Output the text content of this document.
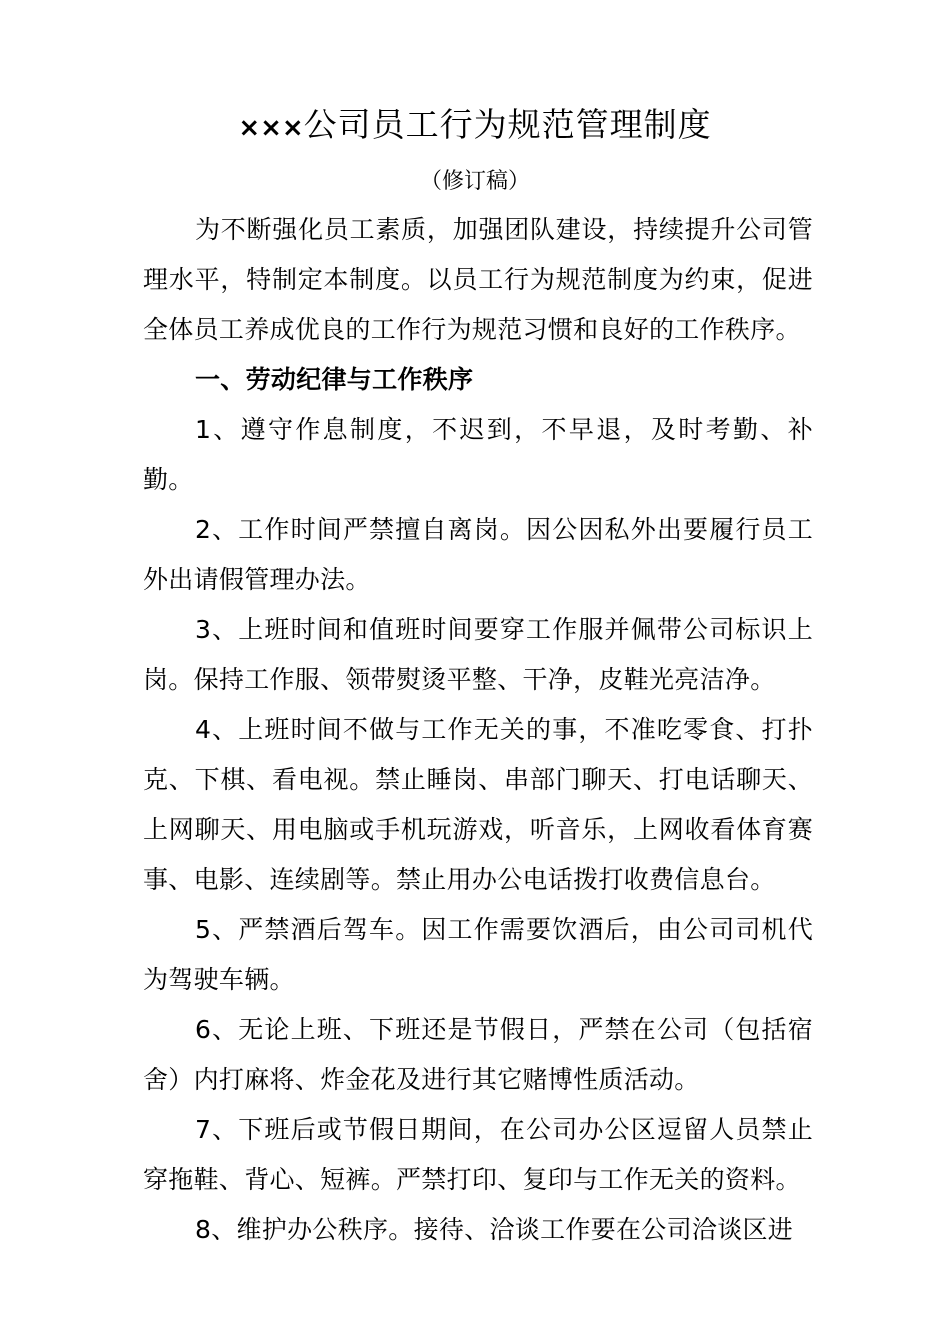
×××公司员工行为规范管理制度
（修订稿）

为不断强化员工素质，加强团队建设，持续提升公司管理水平，特制定本制度。以员工行为规范制度为约束，促进全体员工养成优良的工作行为规范习惯和良好的工作秩序。

一、劳动纪律与工作秩序

1、遵守作息制度，不迟到，不早退，及时考勤、补勤。

2、工作时间严禁擅自离岗。因公因私外出要履行员工外出请假管理办法。

3、上班时间和值班时间要穿工作服并佩带公司标识上岗。保持工作服、领带熨烫平整、干净，皮鞋光亮洁净。

4、上班时间不做与工作无关的事，不准吃零食、打扑克、下棋、看电视。禁止睡岗、串部门聊天、打电话聊天、上网聊天、用电脑或手机玩游戏，听音乐，上网收看体育赛事、电影、连续剧等。禁止用办公电话拨打收费信息台。

5、严禁酒后驾车。因工作需要饮酒后，由公司司机代为驾驶车辆。

6、无论上班、下班还是节假日，严禁在公司（包括宿舍）内打麻将、炸金花及进行其它赌博性质活动。

7、下班后或节假日期间，在公司办公区逗留人员禁止穿拖鞋、背心、短裤。严禁打印、复印与工作无关的资料。

8、维护办公秩序。接待、洽谈工作要在公司洽谈区进
